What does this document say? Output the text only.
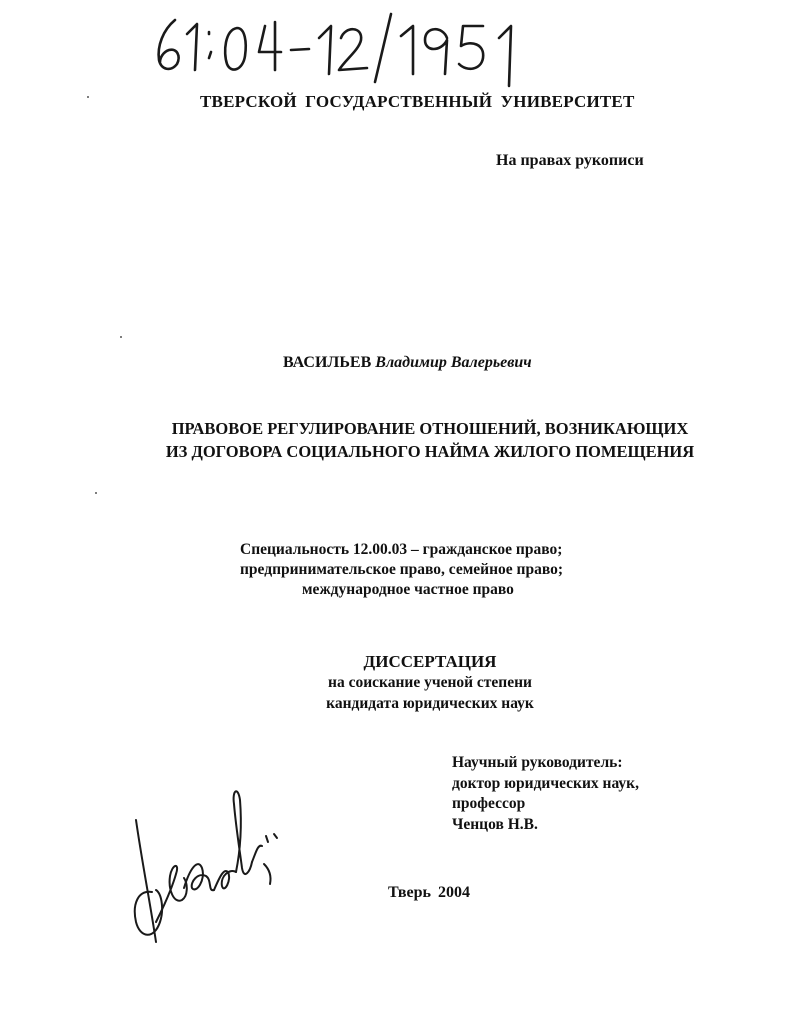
ТВЕРСКОЙ ГОСУДАРСТВЕННЫЙ УНИВЕРСИТЕТ
На правах рукописи
ВАСИЛЬЕВ Владимир Валерьевич
ПРАВОВОЕ РЕГУЛИРОВАНИЕ ОТНОШЕНИЙ, ВОЗНИКАЮЩИХ
ИЗ ДОГОВОРА СОЦИАЛЬНОГО НАЙМА ЖИЛОГО ПОМЕЩЕНИЯ
Специальность 12.00.03 – гражданское право;
предпринимательское право, семейное право;
международное частное право
ДИССЕРТАЦИЯ
на соискание ученой степени
кандидата юридических наук
Научный руководитель:
доктор юридических наук,
профессор
Ченцов Н.В.
Тверь 2004
